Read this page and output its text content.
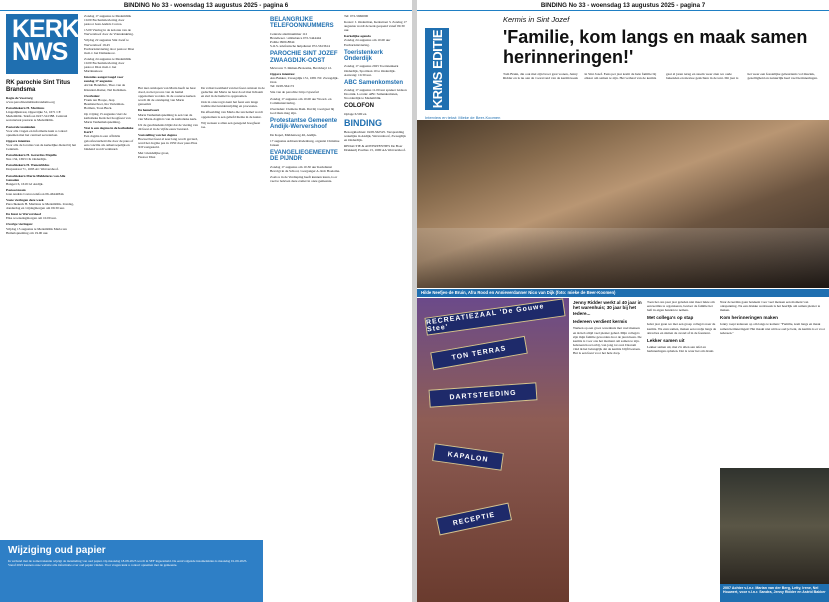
BINDING No 33 - woensdag 13 augustus 2025 - pagina 6
KERK
NWS
RK parochie Sint Titus Brandsma

Regio de Voorzorg
www.parochiesinttitusbrandsma.org

Parochiekern H. Martinus
Lingedijkstraat, Opperrijke 51, 1671 CE Medemblik. Telefoon 0227-541388. Centraal secretariaat pastorie te Medemblik.

Pastorale teamleden
Voor alle vragen en informatie kunt u contact opnemen met het centraal secretariaat.

Opgave intenties
Voor alle de locaties van de kerkelijke dienst bij het Centrum.

Parochiekern H. Gerardus Majella
Nes 134, 1693 CK Onderdijk.

Parochiekern H. Wenenfridus
Dorpsstraat 71, 1693 AC Wervershoof.

Parochiekern Maria Middelares van Alle Genaden
Bangert 6, 1619 GJ Andijk.

Pastoorsteam
Jean Andrés Correa telefoon 06-46442844.

Vaste vieringen deze week
Parochiekerk H. Martinus te Medemblik. Zondag, donderdag en vrijdagmorgen om 09.30 uur.

De Inzet te Wervershoof
Elke woensdagmorgen om 10.00 uur.

Overige vieringen:
Vrijdag 15 augustus te Medemblik Maria ten Hemelopneming om 19.00 uur.

Zondag 17 augustus te Medemblik 10.00 Eucharistieviering door pastoor Jean Andrés Correa.

13.00 Viering in de kolonie van de Wervershoof door de Vriendenkring.

Vrijdag 22 augustus Sint Jozef te Wervershoof 19.45 Eucharistieviering door pastoor Diaz m.m.v. het Dameskoor.

Zondag 24 augustus te Medemblik 10.00 Eucharistieviering door pastoor Diaz m.m.v. het Martinuskoor.

Intenties aangevraagd voor zondag 17 augustus
Alcide Hendrikx, Theo van de Klundert-Ruiter, Nel Kolkman.

Overleden:
Frank ten Hoope, Jaap Beemsterboer, Ina Verteiman-Botman, Toon Buck.

Op vrijdag 15 augustus viert de katholieke Kerk het hoogfeest van Maria Tenhemelopneming.

Wat is een dogma in de katholieke Kerk?
Een dogma is een officiële geloofswaarheid die door de paus of een concilie als onherroepelijk en bindend wordt verklaard.

Het niet ontslapen van Maria heeft na haar dood, na het proces van de hemel opgenomen worden. In de oosterse kerken wordt dit de ontslaping van Maria genoemd.

De hemelvaart
Maria Tenhemelopneming is een van de vier Maria-dogma's van de katholieke kerk.

Uit de geschiedenis blijkt dat de viering van dit feest al in de vijfde eeuw bestond.

Vaststelling van het dogma
Hoewel het feest al zeer lang wordt gevierd, werd het dogma pas in 1950 door paus Pius XII vastgesteld.

Met vriendelijke groet,
Pastoor Diaz

De volksvroomheid van het feest ontstaat in de gedachte dat Maria na haar dood met lichaam en ziel in de hemel is opgenomen.

Ook in onze regio kent het feest een lange traditie met kruidenwijding en processies.

De afbeelding van Maria die ten hemel wordt opgenomen is een geliefd thema in de kunst.

Wij wensen u allen een gezegend hoogfeest toe.

BELANGRIJKE TELEFOONNUMMERS

Centrale alarmnummer 112
Brandweer / ambulance 072-5444444
Politie 0900-8844
S.O.S. telefonische hulpdienst 072-5613614

PAROCHIE SINT JOZEF ZWAAGDIJK-OOST

Mevrouw T. Immen-Broiesma, Berckheyl 12.

Opgave intenties:
Ans Bakker, Zwaagdijk 131, 1681 NC Zwaagdijk-Oost.
Tel: 0228-564172

Site van de parochie: http://sjozef.nl

Zondag 17 augustus om 10.00 uur Woord- en Communieviering.

Overleden: Clemens Dam. Dat hij voortgaat bij God thuis mag zijn.

Protestantse Gemeente Andijk-Wervershoof

De Kapel, Middenweg 46, Andijk.

17 augustus Adriaan Rodenburg, organist Christine Jansen

EVANGELIEGEMEENTE DE PIJNDR

Zondag 17 augustus om 10.30 uur Kerkdienst Bevolgt in de School, voorganger A. Rob Boeioma.

Zoals u in de Verdieping heeft kunnen lezen, is er veel te beleven deze zomer in onze gemeente.

Tel: 072-5666000

Koster: J. Onderman, Kerkstraat 3. Zondag 17 augustus wordt de kerk geopend vanaf 09.30 uur.

Kerkelijke agenda
Zondag 24 augustus om 10.00 uur Eucharistieviering.

Toeristenkerk Onderdijk

Zondag 17 augustus 2025 Toeristenkerk Onderdijk, Sportlaan 10 te Onderdijk. Aanvang: 10.30 uur.

ABC Samenkomsten

Zondag 17 augustus 11.00 uur spreker Gideon Doornik. Locatie: ABC Samenkomsten, Noorderdijk te Medemblik.

COLOFON

Oplage 6.500 ex.

BINDING

Bezorgklachten: 0228-562525. Verspreiding wekelijks in Andijk, Wervershoof, Zwaagdijk en Onderdijk.

REDACTIE & ADVERTENTIES De Boer Drukkerij Postbus 13, 1690 AA Wervershoof.

Wijziging oud papier
In verband met de zomervakantie wijzigt de inzameling van oud papier. Op maandag 18-08-2025 wordt in SEF ingezameld. De eerstvolgende inzamelakties is maandag 01-09-2025. Vanaf 2025 kunnen onze website alle informatie over oud papier vinden. Voor vragen kunt u contact opnemen met de gemeente.
BINDING No 33 - woensdag 13 augustus 2025 - pagina 7
KRMS EDITIE
Interview en tekst: Mieke de Beer-Koomen
Kermis in Sint Jozef
'Familie, kom langs en maak samen herinneringen!'
Tom Bruin, die ook met zijn broer gaat wonen, Jenny Ridder en is nu aan de vooravond van de kermisweek in Sint Jozef. Eens per jaar komt de hele familie bij elkaar om samen te zijn. Het verhaal van de kermis gaat al jaren terug en steeds weer zien we oude bekenden en nieuwe gezichten in de tent. Dit jaar is het weer een feestelijke gebeurtenis vol muziek, gezelligheid en natuurlijk heel veel herinneringen.
Hilde Neefjes-de Bruin, Afra Rood en Annieverdanner Nico van Dijk (foto: mieke de Beer-Koomen)
RECREATIEZAAL 'De Gouwe Stee'
TON TERRAS
DARTSTEEDING
KAPALON
RECEPTIE

Jenny Ridder werkt al 40 jaar in het warenhuis; 30 jaar bij het Iedere...

Iedereen verdient kermis

Werken op een groot warenhuis met veel mensen en ik heb altijd veel plezier gehad. Mijn collega's zijn mijn familie geworden door de jaren heen. De kermis is voor ons het moment om samen te zijn.

Iedereen hoort erbij, van jong tot oud. Daarom vind ik het belangrijk dat de kermis blijft bestaan. Het is een feest voor het hele dorp.

Toen het ons paar jaar geleden niet meer lukte om een kermis te organiseren, besloot de familie het heft in eigen handen te nemen.

Met collega's op stap

Ieder jaar gaan we met een groep collega's naar de kermis. We eten samen, maken een rondje langs de attracties en sluiten de avond af in de feesttent.

Lekker samen uit

Lekker samen uit, met z'n allen aan tafel en herinneringen ophalen. Dat is waar het om draait.

Naar de kermis gaan betekent voor veel mensen een moment van ontspanning. Na een drukke werkweek is het heerlijk om samen plezier te maken.

Kom herinneringen maken

Jenny roept iedereen op om langs te komen: "Familie, kom langs en maak samen herinneringen! Het maakt niet uit hoe oud je bent, de kermis is er voor iedereen."

2007 Achter v.l.n.r. Marian van der Berg, Letty, Irene, Nel Houwert, voor v.l.n.r. Sandra, Jenny Ridder en Astrid Bakker
